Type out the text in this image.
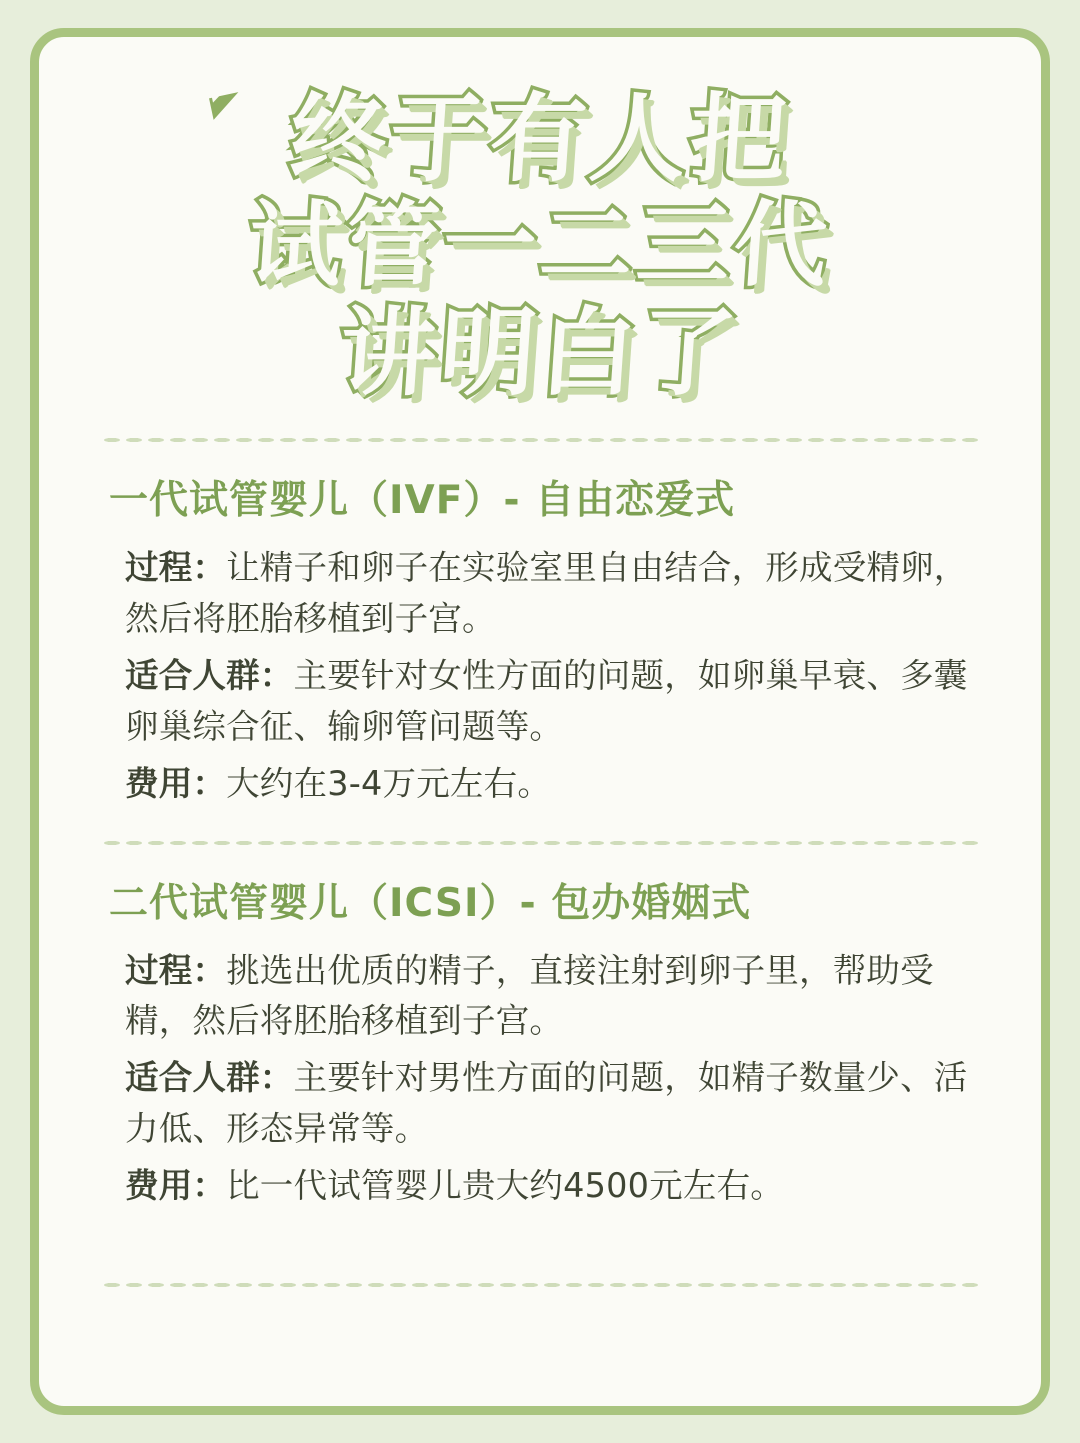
终于有人把
试管一二三代
讲明白了
一代试管婴儿（IVF）- 自由恋爱式

过程：让精子和卵子在实验室里自由结合，形成受精卵，然后将胚胎移植到子宫。

适合人群：主要针对女性方面的问题，如卵巢早衰、多囊卵巢综合征、输卵管问题等。

费用：大约在3-4万元左右。

二代试管婴儿（ICSI）- 包办婚姻式

过程：挑选出优质的精子，直接注射到卵子里，帮助受精，然后将胚胎移植到子宫。

适合人群：主要针对男性方面的问题，如精子数量少、活力低、形态异常等。

费用：比一代试管婴儿贵大约4500元左右。
